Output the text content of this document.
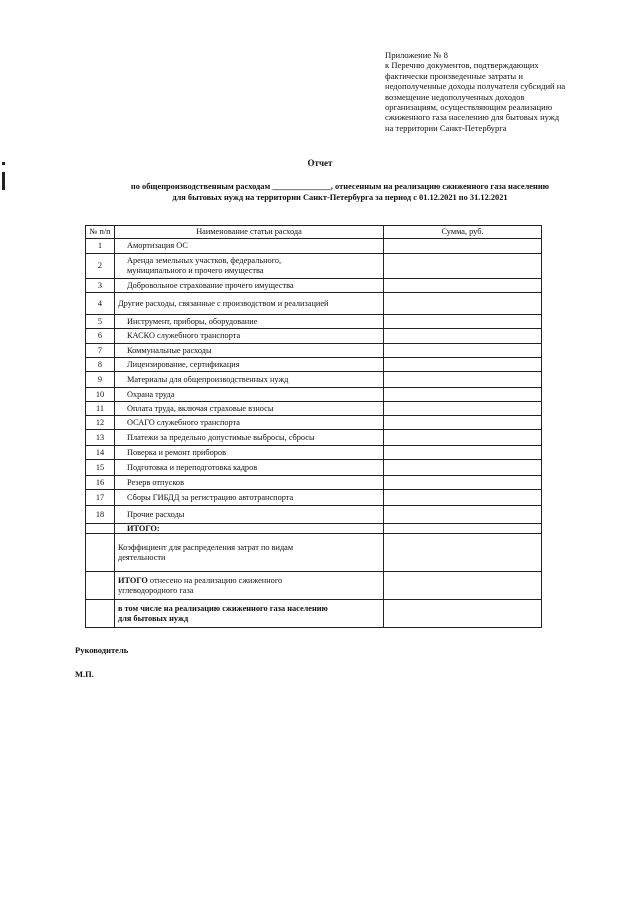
Приложение № 8
к Перечню документов, подтверждающих
фактически произведенные затраты и
недополученные доходы получателя субсидий на
возмещение недополученных доходов
организациям, осуществляющим реализацию
сжиженного газа населению для бытовых нужд
на территории Санкт-Петербурга
Отчет
по общепроизводственным расходам ______________, отнесенным на реализацию сжиженного газа населению
для бытовых нужд на территории Санкт-Петербурга за период с 01.12.2021 по 31.12.2021
№ п/п	Наименование статьи расхода	Сумма, руб.
1	Амортизация ОС	

2	Аренда земельных участков, федерального,
муниципального и прочего имущества	

3	Добровольное страхование прочего имущества	

4	Другие расходы, связанные с производством и реализацией	

5	Инструмент, приборы, оборудование	

6	КАСКО служебного транспорта	

7	Коммунальные расходы	

8	Лицензирование, сертификация	

9	Материалы для общепроизводственных нужд	

10	Охрана труда	

11	Оплата труда, включая страховые взносы	

12	ОСАГО служебного транспорта	

13	Платежи за предельно допустимые выбросы, сбросы	

14	Поверка и ремонт приборов	

15	Подготовка и переподготовка кадров	

16	Резерв отпусков	

17	Сборы ГИБДД за регистрацию автотранспорта	

18	Прочие расходы	

	ИТОГО:	

	Коэффициент для распределения затрат по видам
деятельности	

	ИТОГО отнесено на реализацию сжиженного
углеводородного газа	

	в том числе на реализацию сжиженного газа населению
для бытовых нужд	

Руководитель
М.П.
